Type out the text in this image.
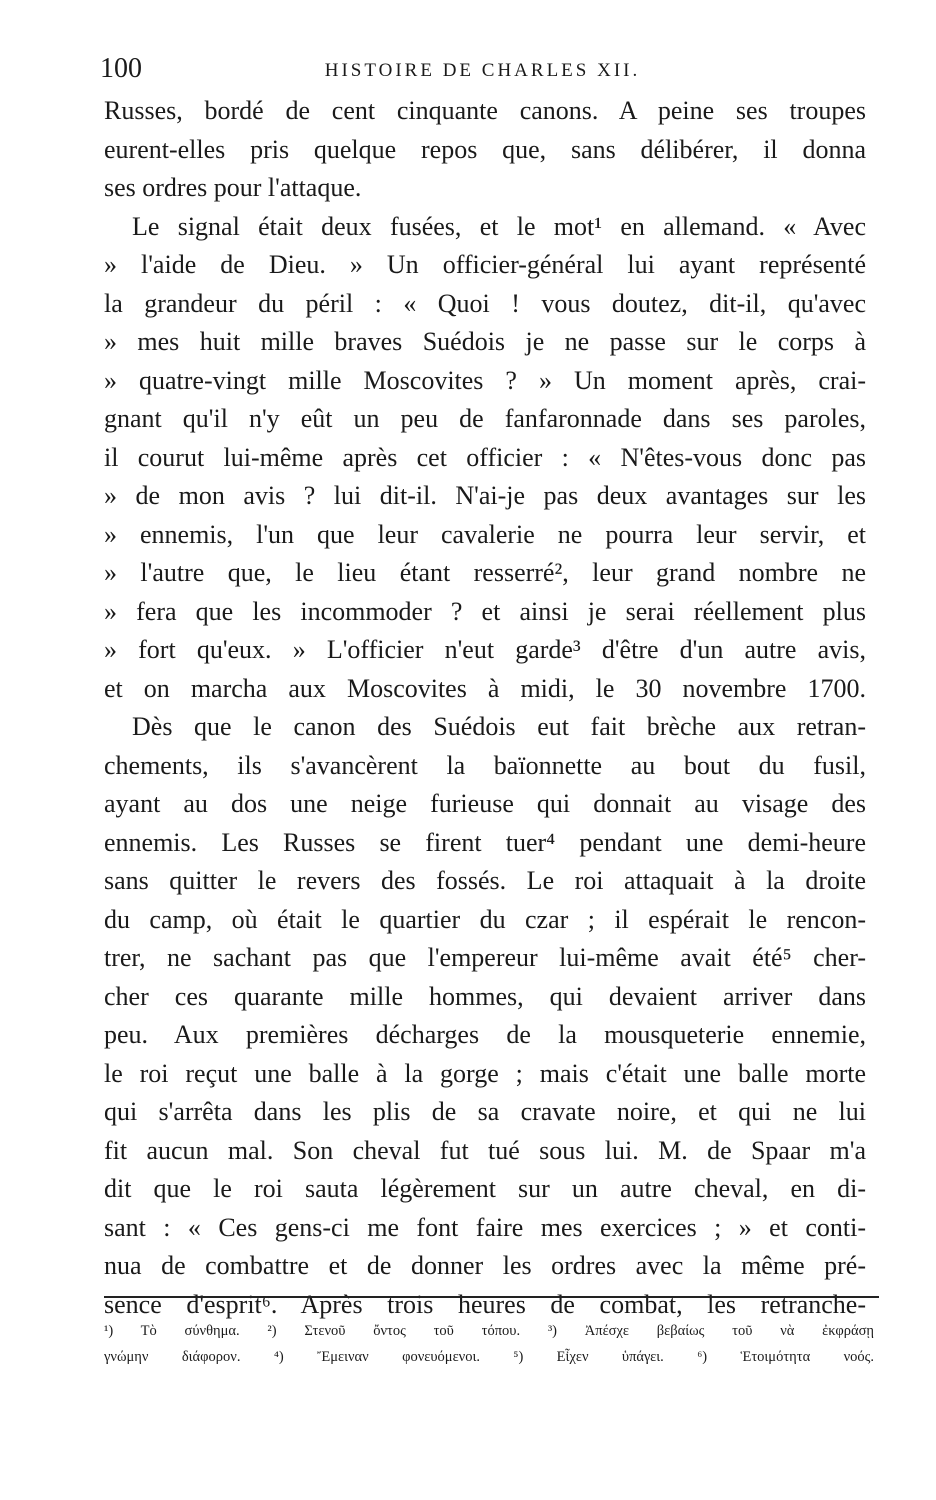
100	HISTOIRE DE CHARLES XII.
Russes, bordé de cent cinquante canons. A peine ses troupes
eurent-elles pris quelque repos que, sans délibérer, il donna
ses ordres pour l'attaque.
Le signal était deux fusées, et le mot¹ en allemand. « Avec
» l'aide de Dieu. » Un officier-général lui ayant représenté
la grandeur du péril : « Quoi ! vous doutez, dit-il, qu'avec
» mes huit mille braves Suédois je ne passe sur le corps à
» quatre-vingt mille Moscovites ? » Un moment après, crai-
gnant qu'il n'y eût un peu de fanfaronnade dans ses paroles,
il courut lui-même après cet officier : « N'êtes-vous donc pas
» de mon avis ? lui dit-il. N'ai-je pas deux avantages sur les
» ennemis, l'un que leur cavalerie ne pourra leur servir, et
» l'autre que, le lieu étant resserré², leur grand nombre ne
» fera que les incommoder ? et ainsi je serai réellement plus
» fort qu'eux. » L'officier n'eut garde³ d'être d'un autre avis,
et on marcha aux Moscovites à midi, le 30 novembre 1700.
Dès que le canon des Suédois eut fait brèche aux retran-
chements, ils s'avancèrent la baïonnette au bout du fusil,
ayant au dos une neige furieuse qui donnait au visage des
ennemis. Les Russes se firent tuer⁴ pendant une demi-heure
sans quitter le revers des fossés. Le roi attaquait à la droite
du camp, où était le quartier du czar ; il espérait le rencon-
trer, ne sachant pas que l'empereur lui-même avait été⁵ cher-
cher ces quarante mille hommes, qui devaient arriver dans
peu. Aux premières décharges de la mousqueterie ennemie,
le roi reçut une balle à la gorge ; mais c'était une balle morte
qui s'arrêta dans les plis de sa cravate noire, et qui ne lui
fit aucun mal. Son cheval fut tué sous lui. M. de Spaar m'a
dit que le roi sauta légèrement sur un autre cheval, en di-
sant : « Ces gens-ci me font faire mes exercices ; » et conti-
nua de combattre et de donner les ordres avec la même pré-
sence d'esprit⁶. Après trois heures de combat, les retranche-
¹) Τὸ σύνθημα. ²) Στενοῦ ὄντος τοῦ τόπου. ³) Ἀπέσχε βεβαίως τοῦ νὰ ἐκφράσῃ
γνώμην διάφορον. ⁴) Ἔμειναν φονευόμενοι. ⁵) Εἶχεν ὑπάγει. ⁶) Ἑτοιμότητα νοός.
